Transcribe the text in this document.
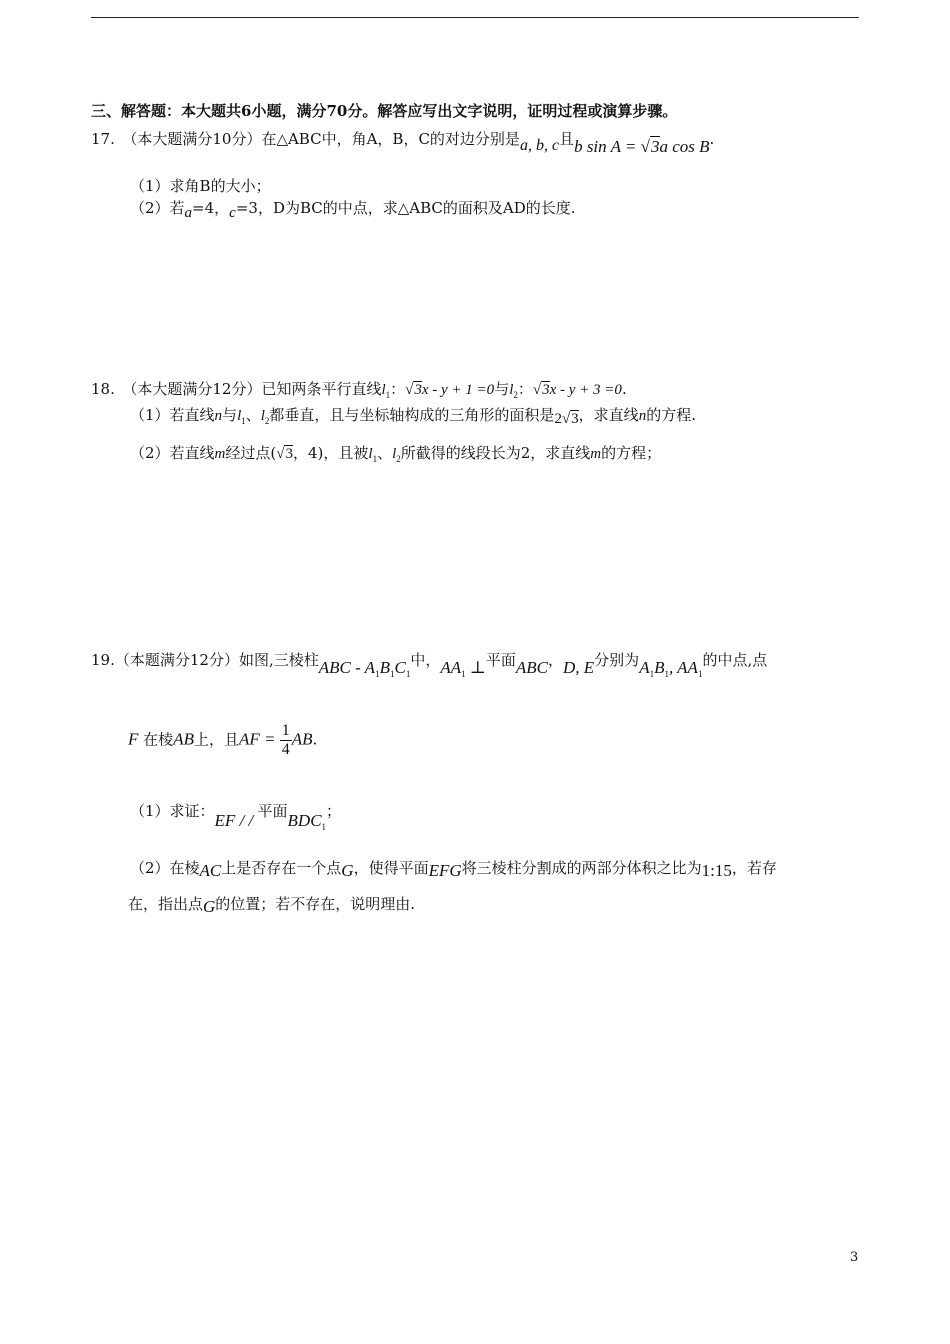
三、解答题：本大题共6小题，满分70分。解答应写出文字说明，证明过程或演算步骤。
17.　（本大题满分10分）在△ABC中，角A，B，C的对边分别是a, b, c且b sin A = √3a cos B.
（1）求角B的大小；
（2）若a=4，c=3，D为BC的中点，求△ABC的面积及AD的长度.
18.　（本大题满分12分）已知两条平行直线$l_1$：√3x - y + 1 =0与$l_2$：√3x - y + 3 =0.
（1）若直线n与$l_1$、$l_2$都垂直，且与坐标轴构成的三角形的面积是2√3，求直线n的方程.
（2）若直线m经过点(√3，4)，且被$l_1$、$l_2$所截得的线段长为2，求直线m的方程；
19.（本题满分12分）如图,三棱柱ABC - $A_1B_1C_1$中，$AA_1$ ⊥平面ABC，D, E分别为$A_1B_1$, $AA_1$的中点,点
F 在棱AB上，且AF = $\frac{1}{4}$ AB.
（1）求证：EF / / 平面$BDC_1$；
（2）在棱AC上是否存在一个点G，使得平面EFG将三棱柱分割成的两部分体积之比为1:15，若存
在，指出点G的位置；若不存在，说明理由.
3
